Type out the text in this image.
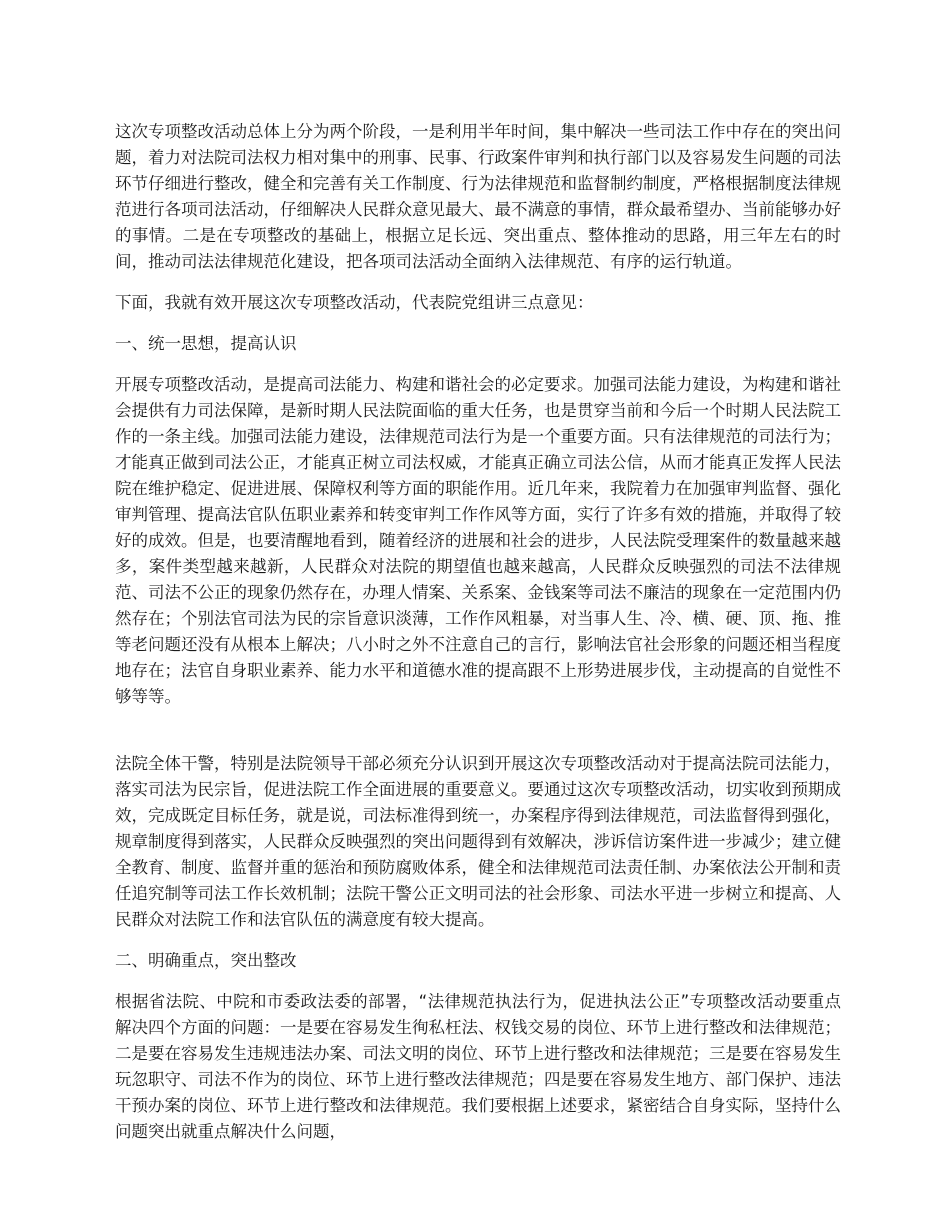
这次专项整改活动总体上分为两个阶段，一是利用半年时间，集中解决一些司法工作中存在的突出问题，着力对法院司法权力相对集中的刑事、民事、行政案件审判和执行部门以及容易发生问题的司法环节仔细进行整改，健全和完善有关工作制度、行为法律规范和监督制约制度，严格根据制度法律规范进行各项司法活动，仔细解决人民群众意见最大、最不满意的事情，群众最希望办、当前能够办好的事情。二是在专项整改的基础上，根据立足长远、突出重点、整体推动的思路，用三年左右的时间，推动司法法律规范化建设，把各项司法活动全面纳入法律规范、有序的运行轨道。

下面，我就有效开展这次专项整改活动，代表院党组讲三点意见：

一、统一思想，提高认识

开展专项整改活动，是提高司法能力、构建和谐社会的必定要求。加强司法能力建设，为构建和谐社会提供有力司法保障，是新时期人民法院面临的重大任务，也是贯穿当前和今后一个时期人民法院工作的一条主线。加强司法能力建设，法律规范司法行为是一个重要方面。只有法律规范的司法行为；才能真正做到司法公正，才能真正树立司法权威，才能真正确立司法公信，从而才能真正发挥人民法院在维护稳定、促进进展、保障权利等方面的职能作用。近几年来，我院着力在加强审判监督、强化审判管理、提高法官队伍职业素养和转变审判工作作风等方面，实行了许多有效的措施，并取得了较好的成效。但是，也要清醒地看到，随着经济的进展和社会的进步，人民法院受理案件的数量越来越多，案件类型越来越新，人民群众对法院的期望值也越来越高，人民群众反映强烈的司法不法律规范、司法不公正的现象仍然存在，办理人情案、关系案、金钱案等司法不廉洁的现象在一定范围内仍然存在；个别法官司法为民的宗旨意识淡薄，工作作风粗暴，对当事人生、冷、横、硬、顶、拖、推等老问题还没有从根本上解决；八小时之外不注意自己的言行，影响法官社会形象的问题还相当程度地存在；法官自身职业素养、能力水平和道德水准的提高跟不上形势进展步伐，主动提高的自觉性不够等等。

法院全体干警，特别是法院领导干部必须充分认识到开展这次专项整改活动对于提高法院司法能力，落实司法为民宗旨，促进法院工作全面进展的重要意义。要通过这次专项整改活动，切实收到预期成效，完成既定目标任务，就是说，司法标准得到统一，办案程序得到法律规范，司法监督得到强化，规章制度得到落实，人民群众反映强烈的突出问题得到有效解决，涉诉信访案件进一步减少；建立健全教育、制度、监督并重的惩治和预防腐败体系，健全和法律规范司法责任制、办案依法公开制和责任追究制等司法工作长效机制；法院干警公正文明司法的社会形象、司法水平进一步树立和提高、人民群众对法院工作和法官队伍的满意度有较大提高。

二、明确重点，突出整改

根据省法院、中院和市委政法委的部署，“法律规范执法行为，促进执法公正”专项整改活动要重点解决四个方面的问题：一是要在容易发生徇私枉法、权钱交易的岗位、环节上进行整改和法律规范；二是要在容易发生违规违法办案、司法文明的岗位、环节上进行整改和法律规范；三是要在容易发生玩忽职守、司法不作为的岗位、环节上进行整改法律规范；四是要在容易发生地方、部门保护、违法干预办案的岗位、环节上进行整改和法律规范。我们要根据上述要求，紧密结合自身实际，坚持什么问题突出就重点解决什么问题，
